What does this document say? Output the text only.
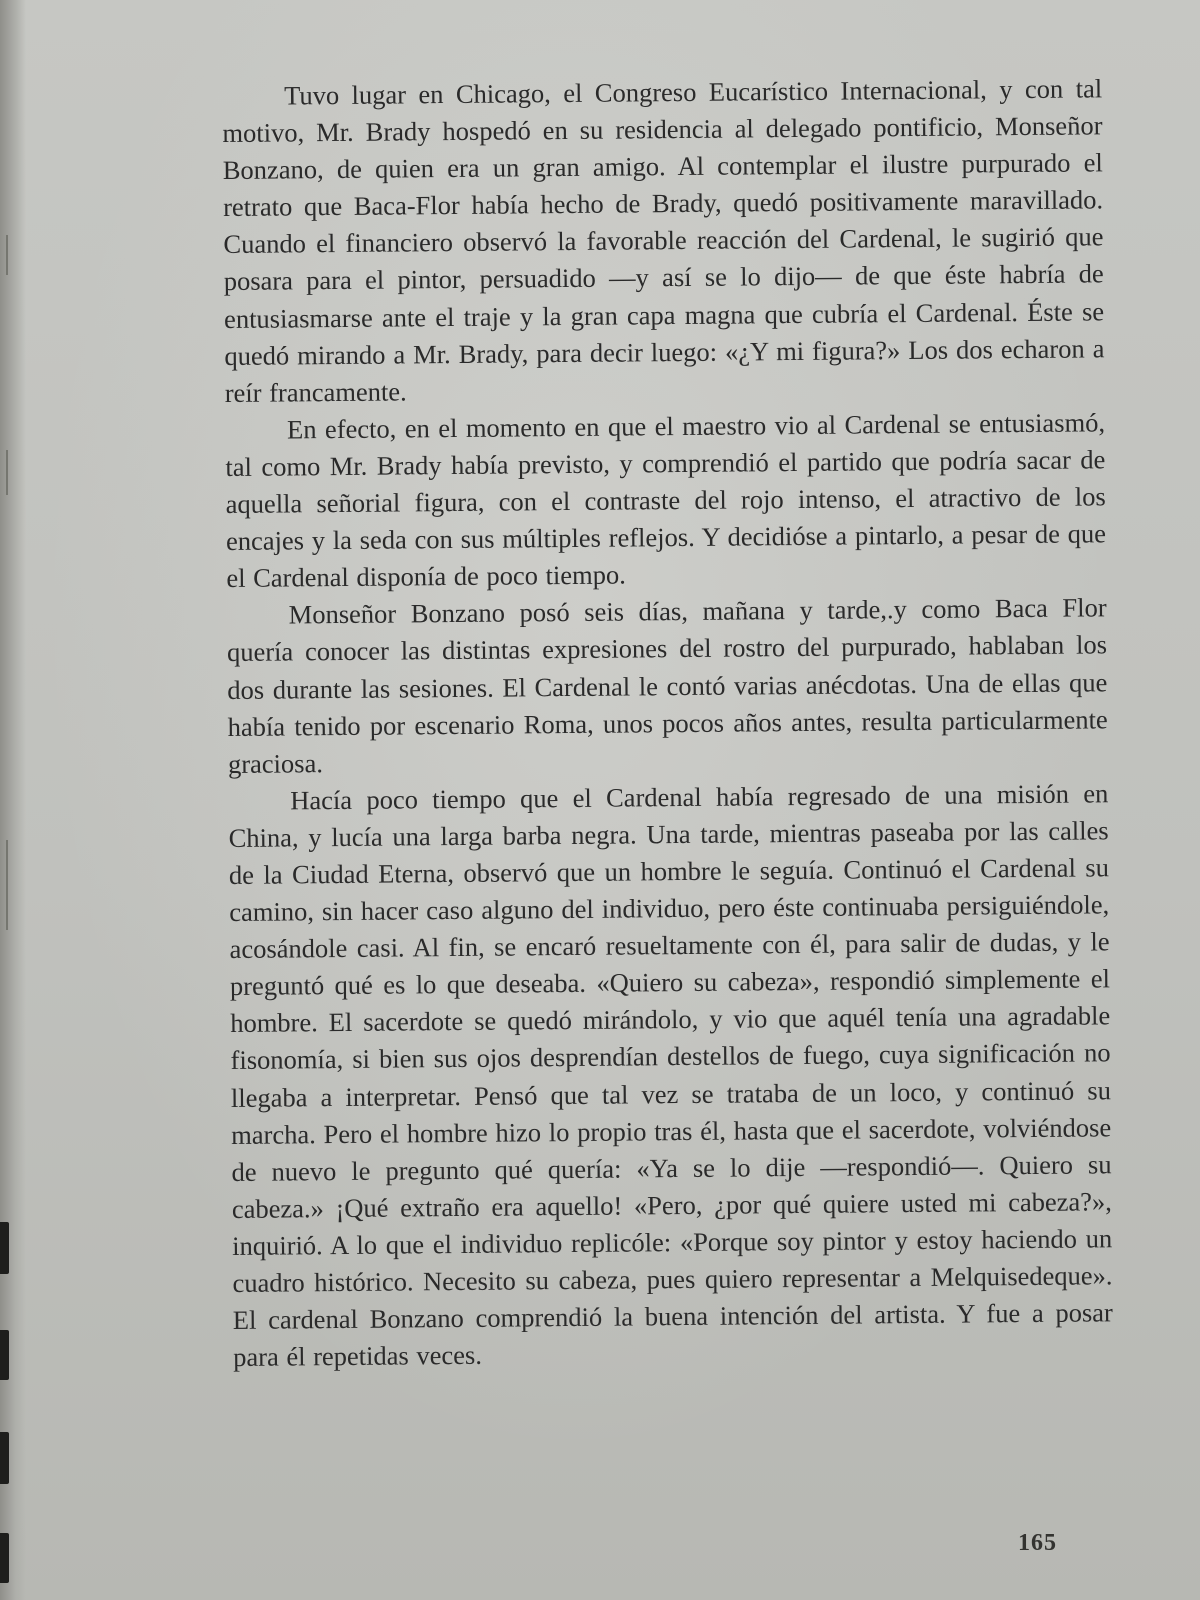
Tuvo lugar en Chicago, el Congreso Eucarístico Internacional, y con tal motivo, Mr. Brady hospedó en su residencia al delegado pontificio, Monseñor Bonzano, de quien era un gran amigo. Al contemplar el ilustre purpurado el retrato que Baca-Flor había hecho de Brady, quedó positivamente maravillado. Cuando el financiero observó la favorable reacción del Cardenal, le sugirió que posara para el pintor, persuadido —y así se lo dijo— de que éste habría de entusiasmarse ante el traje y la gran capa magna que cubría el Cardenal. Éste se quedó mirando a Mr. Brady, para decir luego: «¿Y mi figura?» Los dos echaron a reír francamente.

En efecto, en el momento en que el maestro vio al Cardenal se entusiasmó, tal como Mr. Brady había previsto, y comprendió el partido que podría sacar de aquella señorial figura, con el contraste del rojo intenso, el atractivo de los encajes y la seda con sus múltiples reflejos. Y decidióse a pintarlo, a pesar de que el Cardenal disponía de poco tiempo.

Monseñor Bonzano posó seis días, mañana y tarde,.y como Baca Flor quería conocer las distintas expresiones del rostro del purpurado, hablaban los dos durante las sesiones. El Cardenal le contó varias anécdotas. Una de ellas que había tenido por escenario Roma, unos pocos años antes, resulta particularmente graciosa.

Hacía poco tiempo que el Cardenal había regresado de una misión en China, y lucía una larga barba negra. Una tarde, mientras paseaba por las calles de la Ciudad Eterna, observó que un hombre le seguía. Continuó el Cardenal su camino, sin hacer caso alguno del individuo, pero éste continuaba persiguiéndole, acosándole casi. Al fin, se encaró resueltamente con él, para salir de dudas, y le preguntó qué es lo que deseaba. «Quiero su cabeza», respondió simplemente el hombre. El sacerdote se quedó mirándolo, y vio que aquél tenía una agradable fisonomía, si bien sus ojos desprendían destellos de fuego, cuya significación no llegaba a interpretar. Pensó que tal vez se trataba de un loco, y continuó su marcha. Pero el hombre hizo lo propio tras él, hasta que el sacerdote, volviéndose de nuevo le pregunto qué quería: «Ya se lo dije —respondió—. Quiero su cabeza.» ¡Qué extraño era aquello! «Pero, ¿por qué quiere usted mi cabeza?», inquirió. A lo que el individuo replicóle: «Porque soy pintor y estoy haciendo un cuadro histórico. Necesito su cabeza, pues quiero representar a Melquisedeque». El cardenal Bonzano comprendió la buena intención del artista. Y fue a posar para él repetidas veces.

165
